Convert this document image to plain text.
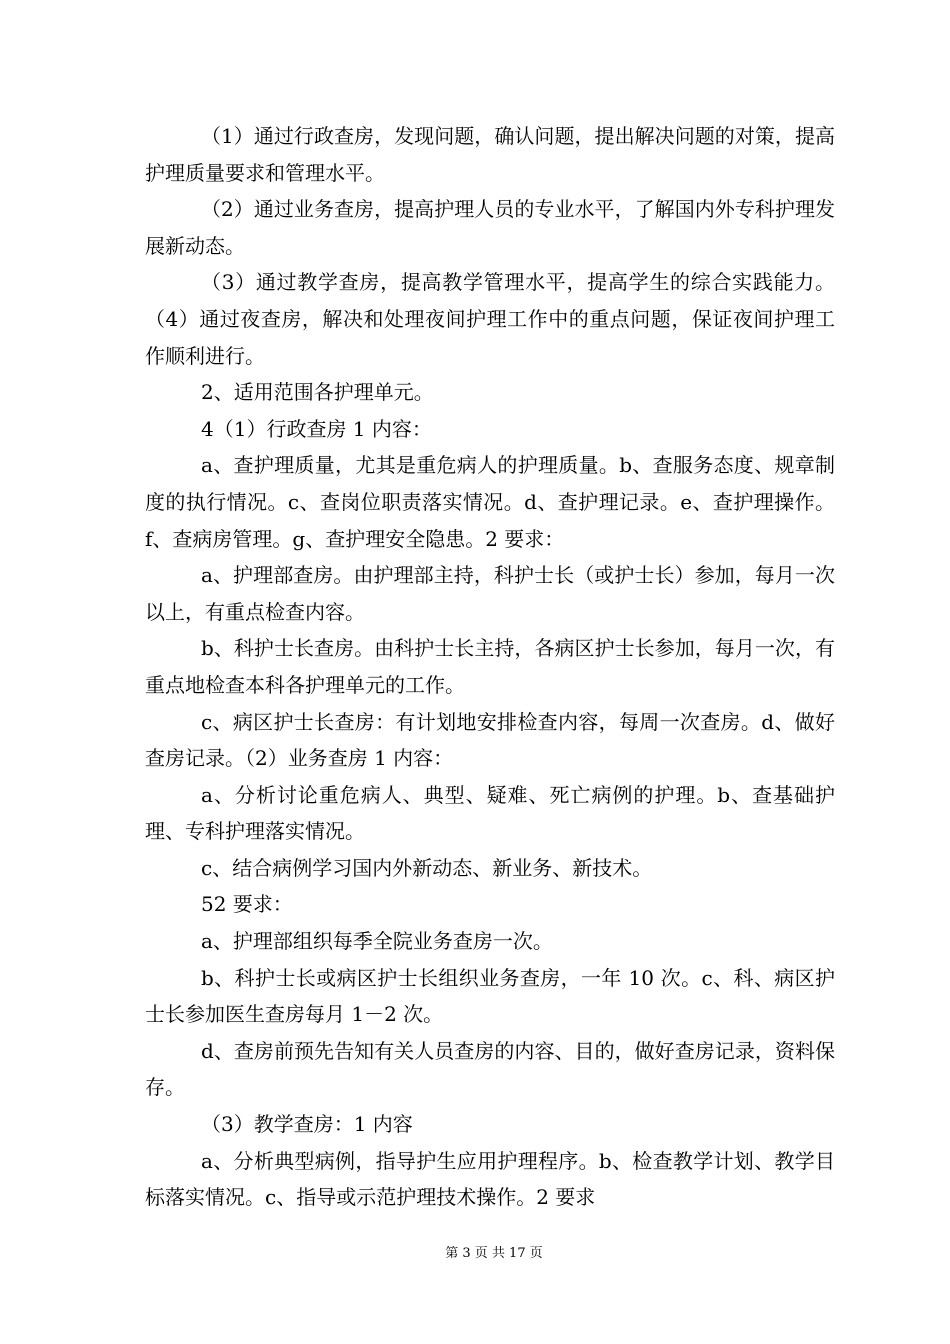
（1）通过行政查房，发现问题，确认问题，提出解决问题的对策，提高护理质量要求和管理水平。

（2）通过业务查房，提高护理人员的专业水平，了解国内外专科护理发展新动态。

（3）通过教学查房，提高教学管理水平，提高学生的综合实践能力。（4）通过夜查房，解决和处理夜间护理工作中的重点问题，保证夜间护理工作顺利进行。

2、适用范围各护理单元。

4（1）行政查房 1 内容：

a、查护理质量，尤其是重危病人的护理质量。b、查服务态度、规章制度的执行情况。c、查岗位职责落实情况。d、查护理记录。e、查护理操作。f、查病房管理。g、查护理安全隐患。2 要求：

a、护理部查房。由护理部主持，科护士长（或护士长）参加，每月一次以上，有重点检查内容。

b、科护士长查房。由科护士长主持，各病区护士长参加，每月一次，有重点地检查本科各护理单元的工作。

c、病区护士长查房：有计划地安排检查内容，每周一次查房。d、做好查房记录。（2）业务查房 1 内容：

a、分析讨论重危病人、典型、疑难、死亡病例的护理。b、查基础护理、专科护理落实情况。

c、结合病例学习国内外新动态、新业务、新技术。

52 要求：

a、护理部组织每季全院业务查房一次。

b、科护士长或病区护士长组织业务查房，一年 10 次。c、科、病区护士长参加医生查房每月 1－2 次。

d、查房前预先告知有关人员查房的内容、目的，做好查房记录，资料保存。

（3）教学查房：1 内容

a、分析典型病例，指导护生应用护理程序。b、检查教学计划、教学目标落实情况。c、指导或示范护理技术操作。2 要求

第 3 页 共 17 页
